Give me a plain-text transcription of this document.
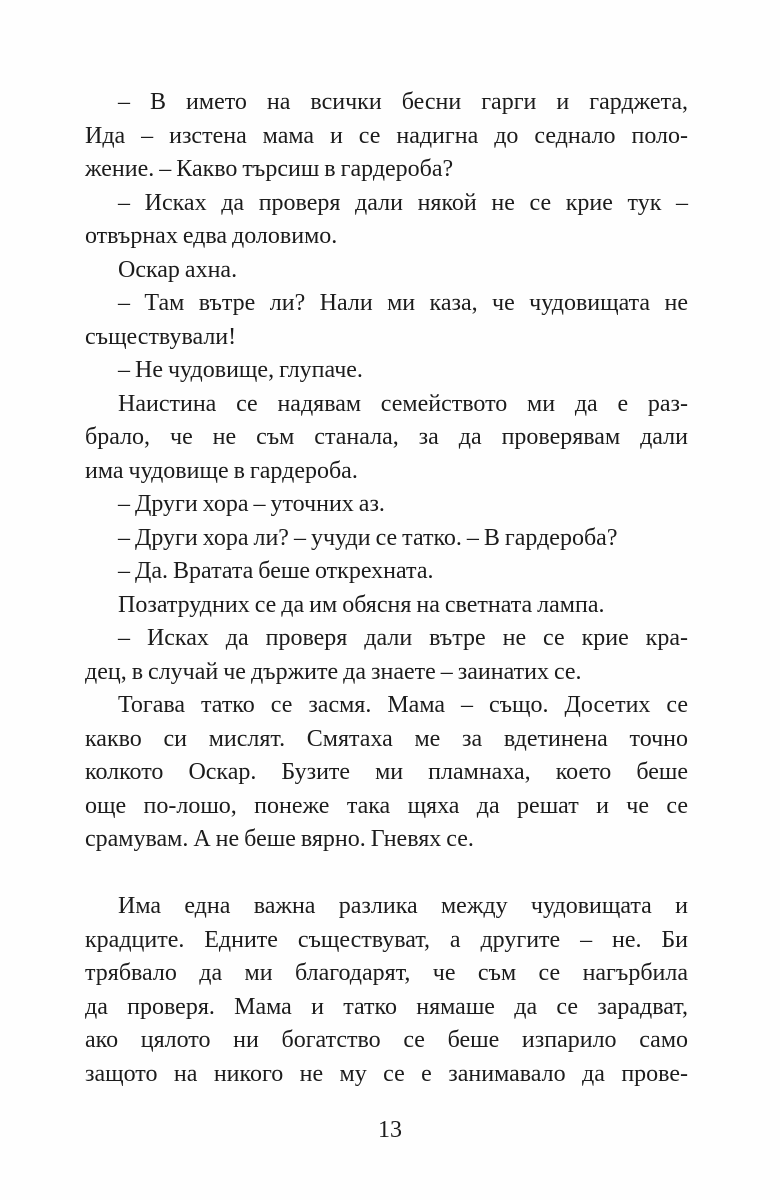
– В името на всички бесни гарги и гарджета,
Ида – изстена мама и се надигна до седнало поло-
жение. – Какво търсиш в гардероба?
– Исках да проверя дали някой не се крие тук –
отвърнах едва доловимо.
Оскар ахна.
– Там вътре ли? Нали ми каза, че чудовищата не
съществували!
– Не чудовище, глупаче.
Наистина се надявам семейството ми да е раз-
брало, че не съм станала, за да проверявам дали
има чудовище в гардероба.
– Други хора – уточних аз.
– Други хора ли? – учуди се татко. – В гардероба?
– Да. Вратата беше открехната.
Позатрудних се да им обясня на светната лампа.
– Исках да проверя дали вътре не се крие кра-
дец, в случай че държите да знаете – заинатих се.
Тогава татко се засмя. Мама – също. Досетих се
какво си мислят. Смятаха ме за вдетинена точно
колкото Оскар. Бузите ми пламнаха, което беше
още по-лошо, понеже така щяха да решат и че се
срамувам. А не беше вярно. Гневях се.
Има една важна разлика между чудовищата и
крадците. Едните съществуват, а другите – не. Би
трябвало да ми благодарят, че съм се нагърбила
да проверя. Мама и татко нямаше да се зарадват,
ако цялото ни богатство се беше изпарило само
защото на никого не му се е занимавало да прове-
13
